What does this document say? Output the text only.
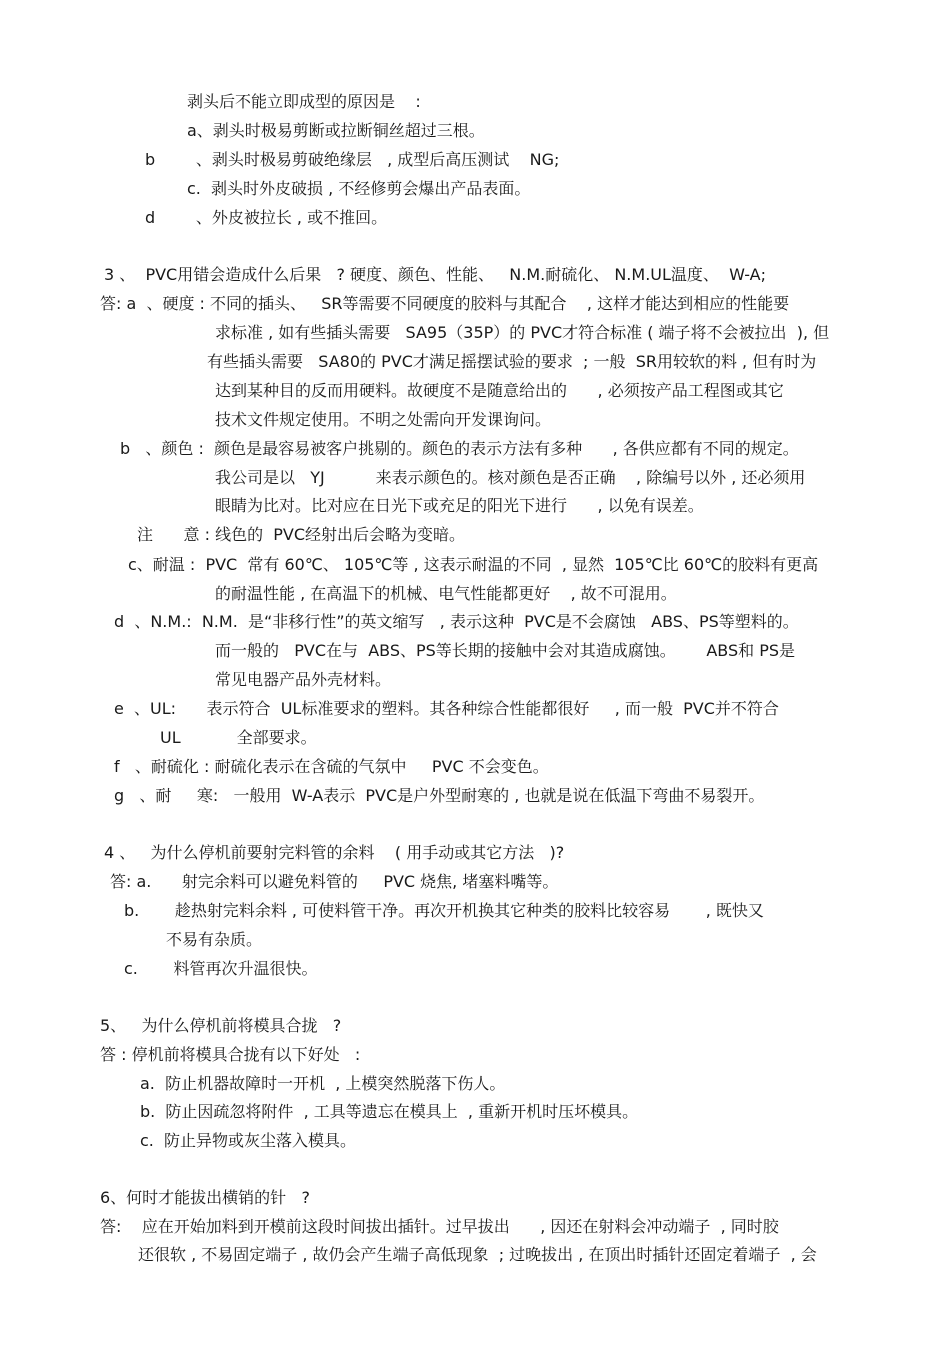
剥头后不能立即成型的原因是    :
a、剥头时极易剪断或拉断铜丝超过三根。
b        、剥头时极易剪破绝缘层   , 成型后高压测试    NG;
c.  剥头时外皮破损 , 不经修剪会爆出产品表面。
d        、外皮被拉长 , 或不推回。
3 、  PVC用错会造成什么后果   ? 硬度、颜色、性能、   N.M.耐硫化、 N.M.UL温度、  W-A;
答: a  、硬度 : 不同的插头、   SR等需要不同硬度的胶料与其配合    , 这样才能达到相应的性能要
求标准 , 如有些插头需要   SA95（35P）的 PVC才符合标准 ( 端子将不会被拉出  ), 但
有些插头需要   SA80的 PVC才满足摇摆试验的要求  ; 一般  SR用较软的料 , 但有时为
达到某种目的反而用硬料。故硬度不是随意给出的      , 必须按产品工程图或其它
技术文件规定使用。不明之处需向开发课询问。
b   、颜色 :  颜色是最容易被客户挑剔的。颜色的表示方法有多种      , 各供应都有不同的规定。
我公司是以   YJ          来表示颜色的。核对颜色是否正确    , 除编号以外 , 还必须用
眼睛为比对。比对应在日光下或充足的阳光下进行      , 以免有误差。
注      意 : 线色的  PVC经射出后会略为变暗。
c、耐温 :  PVC  常有 60℃、 105℃等 , 这表示耐温的不同  , 显然  105℃比 60℃的胶料有更高
的耐温性能 , 在高温下的机械、电气性能都更好    , 故不可混用。
d  、N.M.:  N.M.  是“非移行性”的英文缩写   , 表示这种  PVC是不会腐蚀   ABS、PS等塑料的。
而一般的   PVC在与  ABS、PS等长期的接触中会对其造成腐蚀。      ABS和 PS是
常见电器产品外壳材料。
e  、UL:      表示符合  UL标准要求的塑料。其各种综合性能都很好     , 而一般  PVC并不符合
UL           全部要求。
f   、耐硫化 : 耐硫化表示在含硫的气氛中     PVC 不会变色。
g   、耐     寒:   一般用  W-A表示  PVC是户外型耐寒的 , 也就是说在低温下弯曲不易裂开。
4 、   为什么停机前要射完料管的余料    ( 用手动或其它方法   )?
答: a.      射完余料可以避免料管的     PVC 烧焦, 堵塞料嘴等。
b.       趁热射完料余料 , 可使料管干净。再次开机换其它种类的胶料比较容易       , 既快又
不易有杂质。
c.       料管再次升温很快。
5、   为什么停机前将模具合拢   ?
答 : 停机前将模具合拢有以下好处   :
a.  防止机器故障时一开机  , 上模突然脱落下伤人。
b.  防止因疏忽将附件  , 工具等遗忘在模具上  , 重新开机时压坏模具。
c.  防止异物或灰尘落入模具。
6、何时才能拔出横销的针   ?
答:    应在开始加料到开模前这段时间拔出插针。过早拔出      , 因还在射料会冲动端子  , 同时胶
还很软 , 不易固定端子 , 故仍会产生端子高低现象  ; 过晚拔出 , 在顶出时插针还固定着端子  , 会
